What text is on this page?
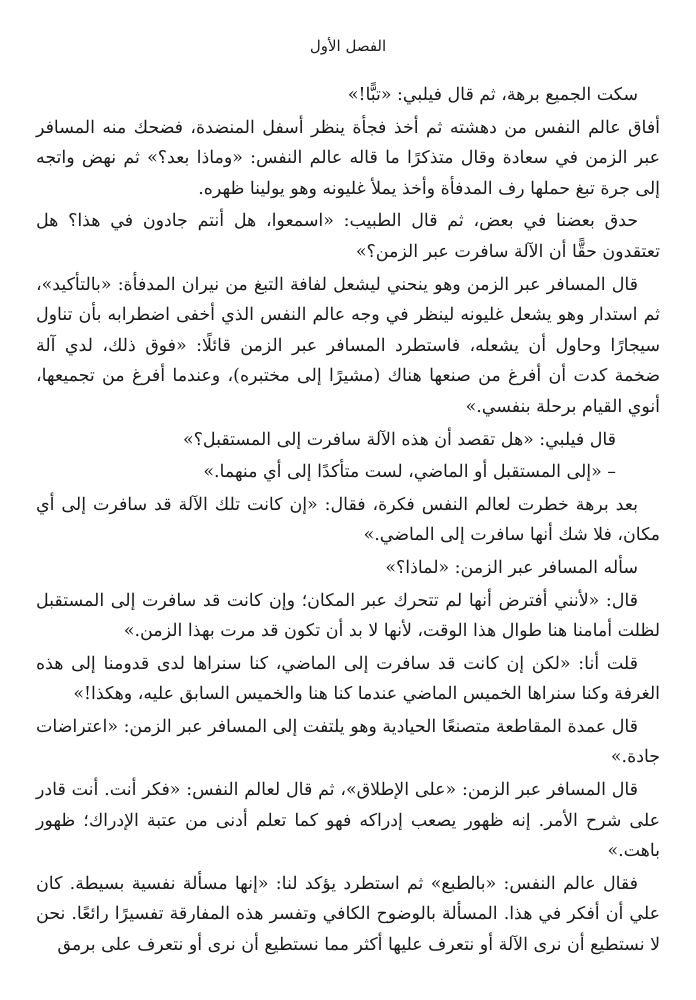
الفصل الأول

سكت الجميع برهة، ثم قال فيلبي: «تبًّا!»

أفاق عالم النفس من دهشته ثم أخذ فجأة ينظر أسفل المنضدة، فضحك منه المسافر عبر الزمن في سعادة وقال متذكرًا ما قاله عالم النفس: «وماذا بعد؟» ثم نهض واتجه إلى جرة تبغ حملها رف المدفأة وأخذ يملأ غليونه وهو يولينا ظهره.

حدق بعضنا في بعض، ثم قال الطبيب: «اسمعوا، هل أنتم جادون في هذا؟ هل تعتقدون حقًّا أن الآلة سافرت عبر الزمن؟»

قال المسافر عبر الزمن وهو ينحني ليشعل لفافة التبغ من نيران المدفأة: «بالتأكيد»، ثم استدار وهو يشعل غليونه لينظر في وجه عالم النفس الذي أخفى اضطرابه بأن تناول سيجارًا وحاول أن يشعله، فاستطرد المسافر عبر الزمن قائلًا: «فوق ذلك، لدي آلة ضخمة كدت أن أفرغ من صنعها هناك (مشيرًا إلى مختبره)، وعندما أفرغ من تجميعها، أنوي القيام برحلة بنفسي.»

قال فيلبي: «هل تقصد أن هذه الآلة سافرت إلى المستقبل؟»

– «إلى المستقبل أو الماضي، لست متأكدًا إلى أي منهما.»

بعد برهة خطرت لعالم النفس فكرة، فقال: «إن كانت تلك الآلة قد سافرت إلى أي مكان، فلا شك أنها سافرت إلى الماضي.»

سأله المسافر عبر الزمن: «لماذا؟»

قال: «لأنني أفترض أنها لم تتحرك عبر المكان؛ وإن كانت قد سافرت إلى المستقبل لظلت أمامنا هنا طوال هذا الوقت، لأنها لا بد أن تكون قد مرت بهذا الزمن.»

قلت أنا: «لكن إن كانت قد سافرت إلى الماضي، كنا سنراها لدى قدومنا إلى هذه الغرفة وكنا سنراها الخميس الماضي عندما كنا هنا والخميس السابق عليه، وهكذا!»

قال عمدة المقاطعة متصنعًا الحيادية وهو يلتفت إلى المسافر عبر الزمن: «اعتراضات جادة.»

قال المسافر عبر الزمن: «على الإطلاق»، ثم قال لعالم النفس: «فكر أنت. أنت قادر على شرح الأمر. إنه ظهور يصعب إدراكه فهو كما تعلم أدنى من عتبة الإدراك؛ ظهور باهت.»

فقال عالم النفس: «بالطبع» ثم استطرد يؤكد لنا: «إنها مسألة نفسية بسيطة. كان علي أن أفكر في هذا. المسألة بالوضوح الكافي وتفسر هذه المفارقة تفسيرًا رائعًا. نحن لا نستطيع أن نرى الآلة أو نتعرف عليها أكثر مما نستطيع أن نرى أو نتعرف على برمق
